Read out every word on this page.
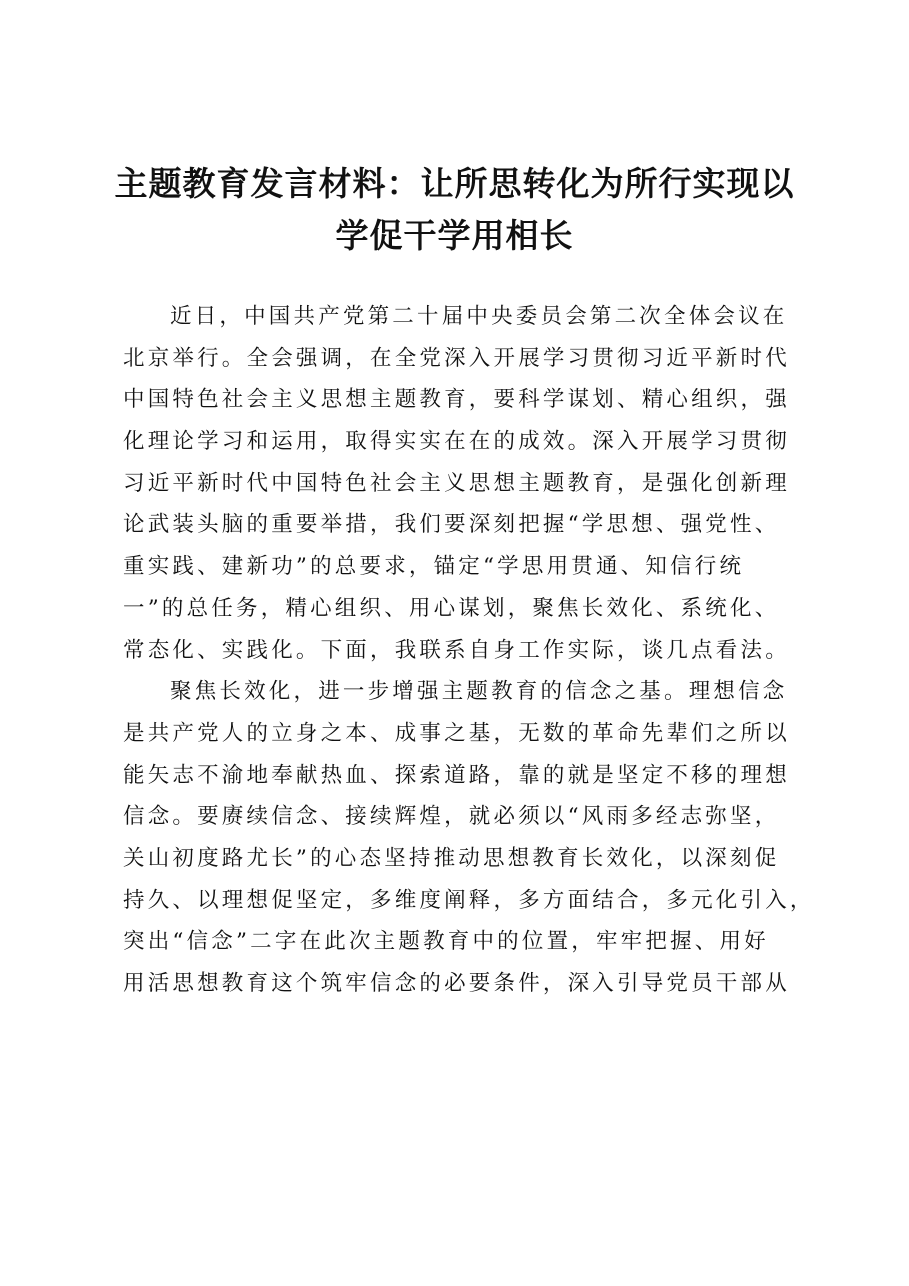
主题教育发言材料：让所思转化为所行实现以
学促干学用相长
近日，中国共产党第二十届中央委员会第二次全体会议在
北京举行。全会强调，在全党深入开展学习贯彻习近平新时代
中国特色社会主义思想主题教育，要科学谋划、精心组织，强
化理论学习和运用，取得实实在在的成效。深入开展学习贯彻
习近平新时代中国特色社会主义思想主题教育，是强化创新理
论武装头脑的重要举措，我们要深刻把握“学思想、强党性、
重实践、建新功”的总要求，锚定“学思用贯通、知信行统
一”的总任务，精心组织、用心谋划，聚焦长效化、系统化、
常态化、实践化。下面，我联系自身工作实际，谈几点看法。
聚焦长效化，进一步增强主题教育的信念之基。理想信念
是共产党人的立身之本、成事之基，无数的革命先辈们之所以
能矢志不渝地奉献热血、探索道路，靠的就是坚定不移的理想
信念。要赓续信念、接续辉煌，就必须以“风雨多经志弥坚，
关山初度路尤长”的心态坚持推动思想教育长效化，以深刻促
持久、以理想促坚定，多维度阐释，多方面结合，多元化引入，
突出“信念”二字在此次主题教育中的位置，牢牢把握、用好
用活思想教育这个筑牢信念的必要条件，深入引导党员干部从
